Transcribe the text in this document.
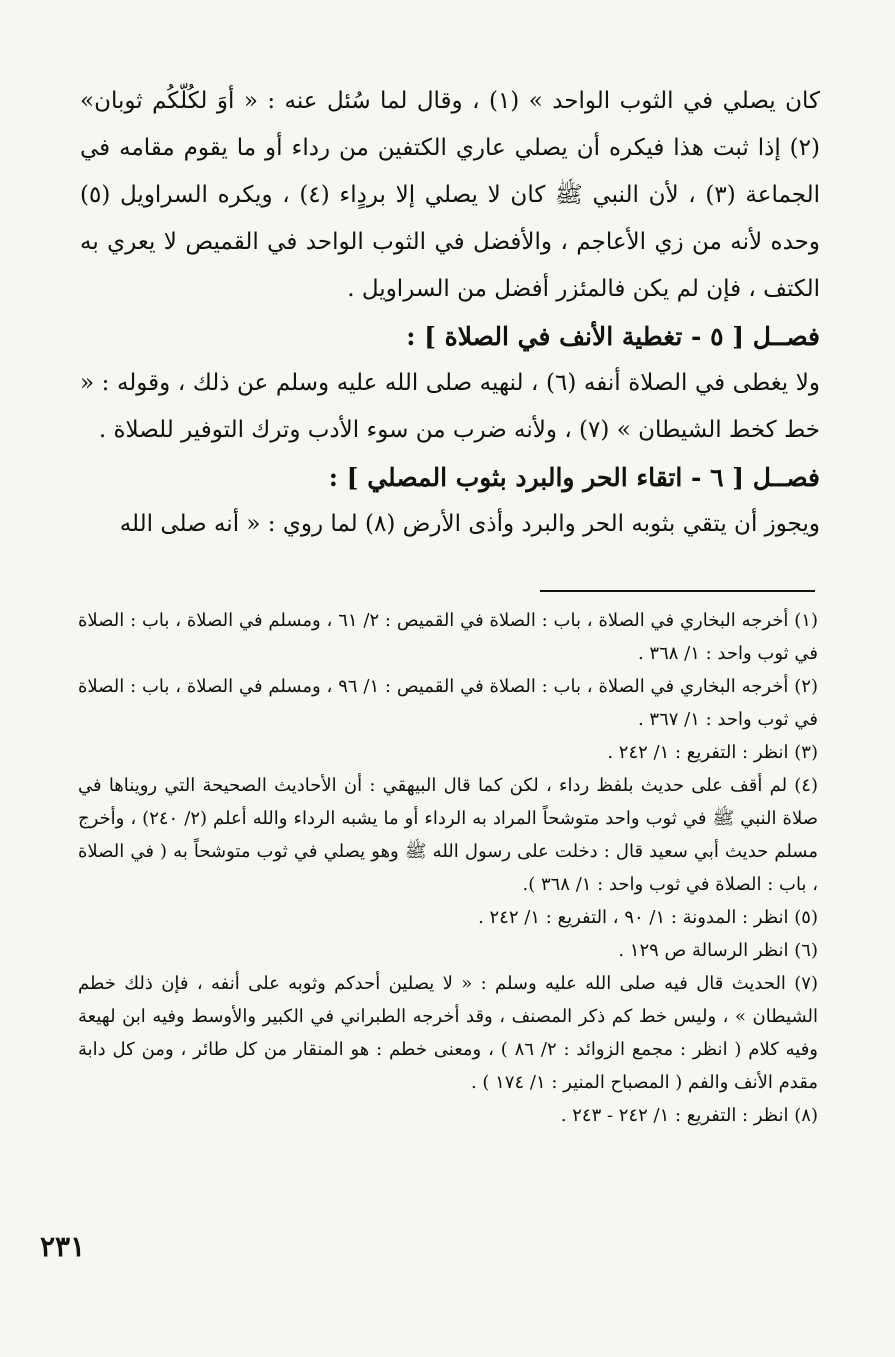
كان يصلي في الثوب الواحد » (١) ، وقال لما سُئل عنه : « أوَ لكُلّكُم ثوبان» (٢) إذا ثبت هذا فيكره أن يصلي عاري الكتفين من رداء أو ما يقوم مقامه في الجماعة (٣) ، لأن النبي ﷺ كان لا يصلي إلا بردٍاء (٤) ، ويكره السراويل (٥) وحده لأنه من زي الأعاجم ، والأفضل في الثوب الواحد في القميص لا يعري به الكتف ، فإن لم يكن فالمئزر أفضل من السراويل .

فصــل [ ٥ - تغطية الأنف في الصلاة ] :

ولا يغطى في الصلاة أنفه (٦) ، لنهيه صلى الله عليه وسلم عن ذلك ، وقوله : « خط كخط الشيطان » (٧) ، ولأنه ضرب من سوء الأدب وترك التوفير للصلاة .

فصــل [ ٦ - اتقاء الحر والبرد بثوب المصلي ] :

ويجوز أن يتقي بثوبه الحر والبرد وأذى الأرض (٨) لما روي : « أنه صلى الله

(١) أخرجه البخاري في الصلاة ، باب : الصلاة في القميص : ٢/ ٦١ ، ومسلم في الصلاة ، باب : الصلاة في ثوب واحد : ١/ ٣٦٨ .

(٢) أخرجه البخاري في الصلاة ، باب : الصلاة في القميص : ١/ ٩٦ ، ومسلم في الصلاة ، باب : الصلاة في ثوب واحد : ١/ ٣٦٧ .

(٣) انظر : التفريع : ١/ ٢٤٢ .

(٤) لم أقف على حديث بلفظ رداء ، لكن كما قال البيهقي : أن الأحاديث الصحيحة التي رويناها في صلاة النبي ﷺ في ثوب واحد متوشحاً المراد به الرداء أو ما يشبه الرداء والله أعلم (٢/ ٢٤٠) ، وأخرج مسلم حديث أبي سعيد قال : دخلت على رسول الله ﷺ وهو يصلي في ثوب متوشحاً به ( في الصلاة ، باب : الصلاة في ثوب واحد : ١/ ٣٦٨ ).

(٥) انظر : المدونة : ١/ ٩٠ ، التفريع : ١/ ٢٤٢ .

(٦) انظر الرسالة ص ١٢٩ .

(٧) الحديث قال فيه صلى الله عليه وسلم : « لا يصلين أحدكم وثوبه على أنفه ، فإن ذلك خطم الشيطان » ، وليس خط كم ذكر المصنف ، وقد أخرجه الطبراني في الكبير والأوسط وفيه ابن لهيعة وفيه كلام ( انظر : مجمع الزوائد : ٢/ ٨٦ ) ، ومعنى خطم : هو المنقار من كل طائر ، ومن كل دابة مقدم الأنف والفم ( المصباح المنير : ١/ ١٧٤ ) .

(٨) انظر : التفريع : ١/ ٢٤٢ - ٢٤٣ .

٢٣١
